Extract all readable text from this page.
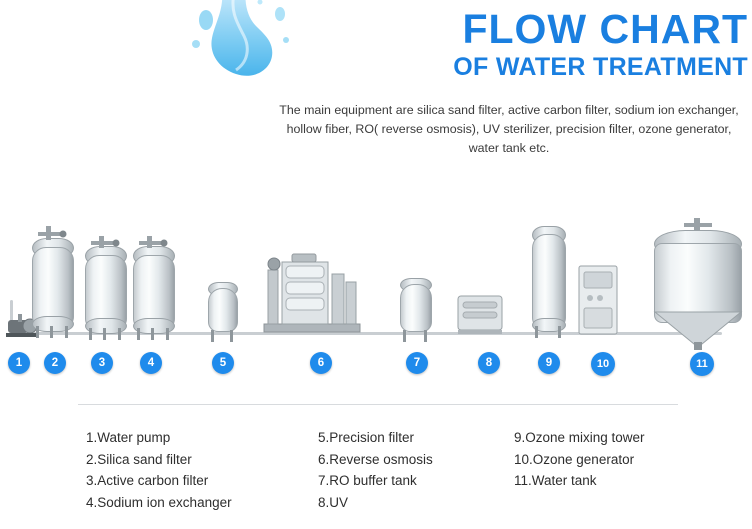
FLOW CHART
OF WATER TREATMENT
The main equipment are silica sand filter, active carbon filter, sodium ion exchanger, hollow fiber, RO( reverse osmosis), UV sterilizer, precision filter, ozone generator, water tank etc.
1	2	3	4	5	6	7	8	9	10	11
1.Water pump
2.Silica sand filter
3.Active carbon filter
4.Sodium ion exchanger
5.Precision filter
6.Reverse osmosis
7.RO buffer tank
8.UV
9.Ozone mixing tower
10.Ozone generator
11.Water tank
